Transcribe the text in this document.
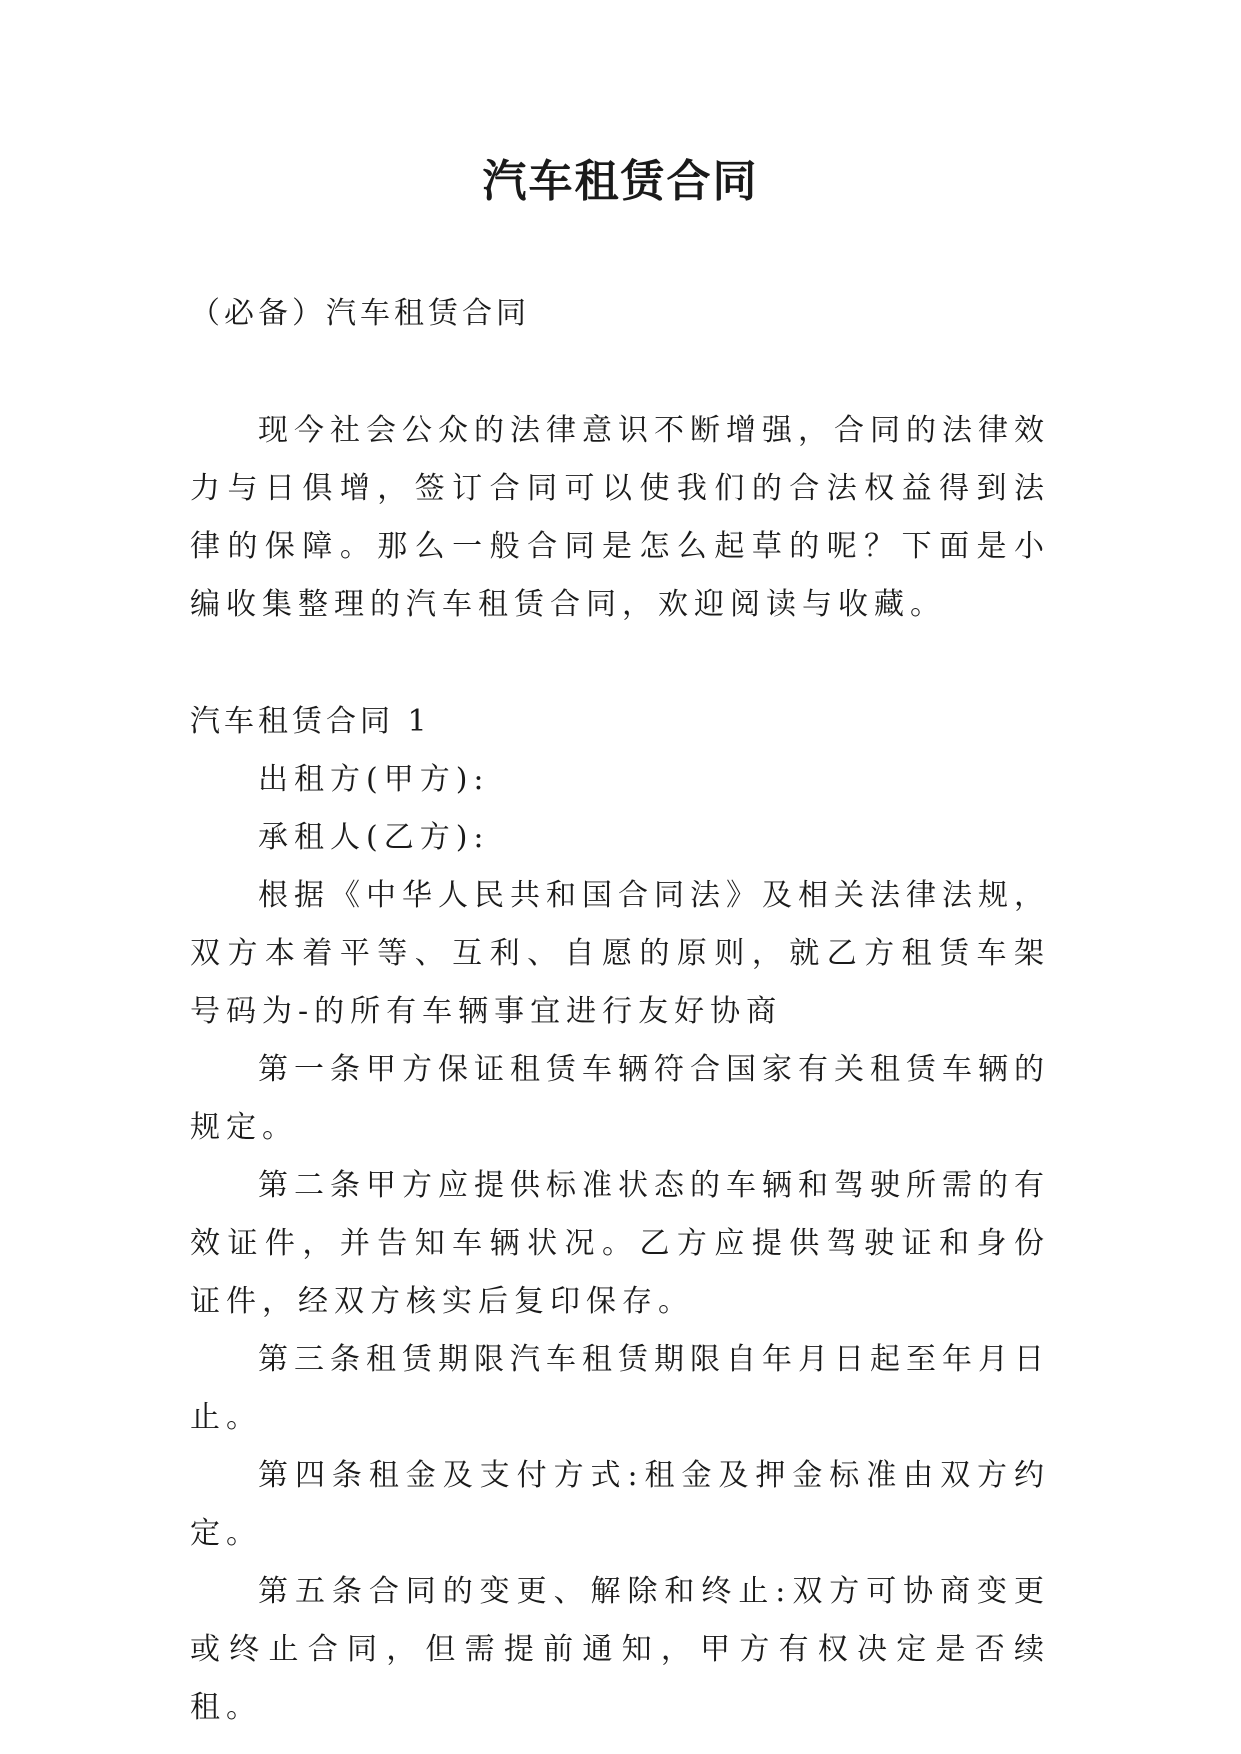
汽车租赁合同
（必备）汽车租赁合同

现今社会公众的法律意识不断增强，合同的法律效力与日俱增，签订合同可以使我们的合法权益得到法律的保障。那么一般合同是怎么起草的呢？下面是小编收集整理的汽车租赁合同，欢迎阅读与收藏。

汽车租赁合同 1

出租方(甲方):

承租人(乙方):

根据《中华人民共和国合同法》及相关法律法规，双方本着平等、互利、自愿的原则，就乙方租赁车架号码为-的所有车辆事宜进行友好协商

第一条甲方保证租赁车辆符合国家有关租赁车辆的规定。

第二条甲方应提供标准状态的车辆和驾驶所需的有效证件，并告知车辆状况。乙方应提供驾驶证和身份证件，经双方核实后复印保存。

第三条租赁期限汽车租赁期限自年月日起至年月日止。

第四条租金及支付方式:租金及押金标准由双方约定。

第五条合同的变更、解除和终止:双方可协商变更或终止合同，但需提前通知，甲方有权决定是否续租。
